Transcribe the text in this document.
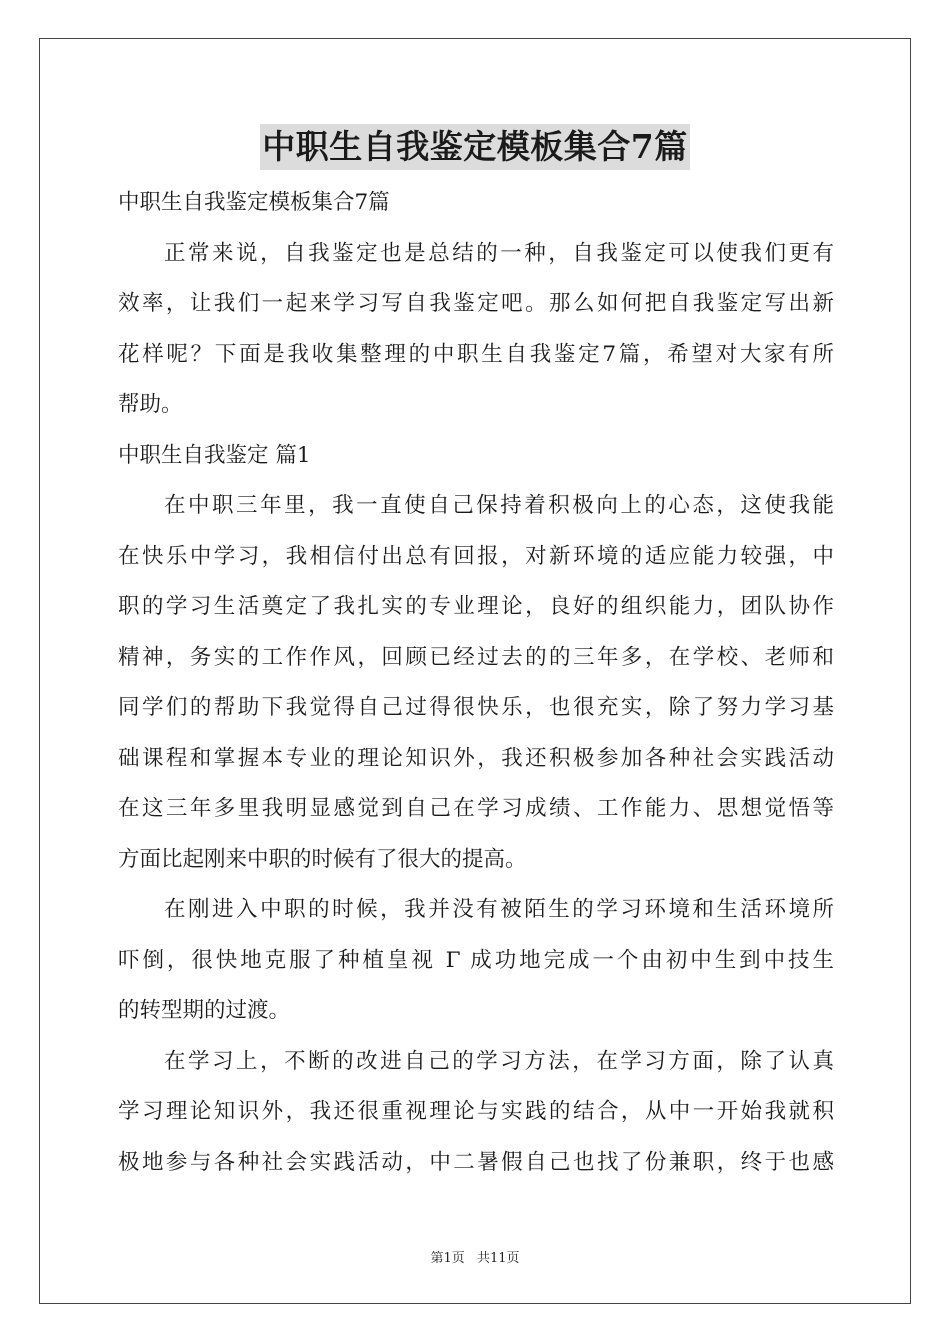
中职生自我鉴定模板集合7篇
中职生自我鉴定模板集合7篇
正常来说，自我鉴定也是总结的一种，自我鉴定可以使我们更有
效率，让我们一起来学习写自我鉴定吧。那么如何把自我鉴定写出新
花样呢？下面是我收集整理的中职生自我鉴定7篇，希望对大家有所
帮助。
中职生自我鉴定 篇1
在中职三年里，我一直使自己保持着积极向上的心态，这使我能
在快乐中学习，我相信付出总有回报，对新环境的适应能力较强，中
职的学习生活奠定了我扎实的专业理论，良好的组织能力，团队协作
精神，务实的工作作风，回顾已经过去的的三年多，在学校、老师和
同学们的帮助下我觉得自己过得很快乐，也很充实，除了努力学习基
础课程和掌握本专业的理论知识外，我还积极参加各种社会实践活动
在这三年多里我明显感觉到自己在学习成绩、工作能力、思想觉悟等
方面比起刚来中职的时候有了很大的提高。
在刚进入中职的时候，我并没有被陌生的学习环境和生活环境所
吓倒，很快地克服了种植皇视 Γ 成功地完成一个由初中生到中技生
的转型期的过渡。
在学习上，不断的改进自己的学习方法，在学习方面，除了认真
学习理论知识外，我还很重视理论与实践的结合，从中一开始我就积
极地参与各种社会实践活动，中二暑假自己也找了份兼职，终于也感
第1页 共11页
